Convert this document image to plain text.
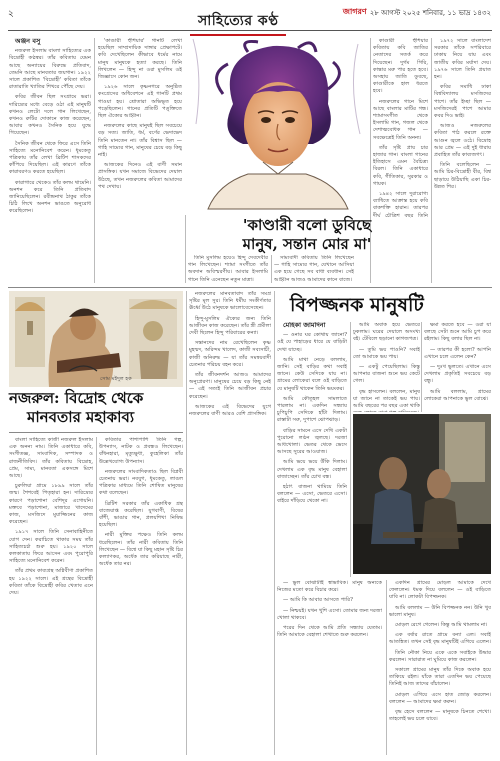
২	সাহিত্যের কণ্ঠ
জাগরণ ২৮ আগস্ট ২০২৫ শনিবার, ১১ ভাদ্র ১৪৩২

অঞ্জন বসু

নজরুল ইসলাম বাংলা সাহিত্যের এক বিদ্রোহী কণ্ঠস্বর। তাঁর কবিতায় যেমন আছে অন্যায়ের বিরুদ্ধে প্রতিবাদ, তেমনি আছে মানবতার জয়গান। ১৯২২ সালে প্রকাশিত 'বিদ্রোহী' কবিতা তাঁকে রাতারাতি খ্যাতির শিখরে পৌঁছে দেয়।

কবির জীবন ছিল সংগ্রামে ভরা। দারিদ্র্যের মধ্যে বেড়ে ওঠা এই মানুষটি কখনও লেটো দলে গান লিখেছেন, কখনও রুটির দোকানে কাজ করেছেন, আবার কখনও সৈনিক হয়ে যুদ্ধে গিয়েছেন।

সৈনিক জীবন থেকে ফিরে এসে তিনি সাহিত্যে মনোনিবেশ করেন। ধূমকেতু পত্রিকায় তাঁর লেখা ব্রিটিশ শাসকদের কাঁপিয়ে দিয়েছিল। এই কারণে তাঁকে কারাবরণও করতে হয়েছিল।

কারাগারে থেকেও তাঁর কলম থামেনি। অনশন করে তিনি প্রতিবাদ জানিয়েছিলেন। রবীন্দ্রনাথ ঠাকুর তাঁকে চিঠি লিখে অনশন ভাঙতে অনুরোধ করেছিলেন।

'কাণ্ডারী হুঁশিয়ার' গানটি লেখা হয়েছিল সাম্প্রদায়িক দাঙ্গার প্রেক্ষাপটে। কবি দেখেছিলেন কীভাবে ধর্মের নামে মানুষ মানুষকে হত্যা করছে। তিনি লিখলেন — হিন্দু না ওরা মুসলিম ওই জিজ্ঞাসে কোন জন।

১৯২৬ সালে কৃষ্ণনগরে অনুষ্ঠিত কংগ্রেসের অধিবেশনে এই গানটি প্রথম গাওয়া হয়। শ্রোতারা অভিভূত হয়ে পড়েছিলেন। গানের প্রতিটি পঙ্‌ক্তিতে ছিল ঐক্যের আহ্বান।

নজরুলের কাছে মানুষই ছিল সবচেয়ে বড় সত্য। জাতি, ধর্ম, বর্ণের ভেদাভেদ তিনি মানতেন না। তাঁর বিশ্বাস ছিল — গাহি সাম্যের গান, মানুষের চেয়ে বড় কিছু নাই।

আজকের দিনেও এই বাণী সমান প্রাসঙ্গিক। যখন সমাজে বিভেদের দেয়াল উঠছে, তখন নজরুলের কবিতা আমাদের পথ দেখায়।

তিনি মুসলিম হয়েও হিন্দু দেবদেবীর গান লিখেছেন। শ্যামা সংগীতে তাঁর অবদান অবিস্মরণীয়। আবার ইসলামি গানে তিনি এনেছেন নতুন মাত্রা।

সাম্যবাদী কবিতায় তিনি লিখেছেন — গাহি সাম্যের গান, যেখানে আসিয়া এক হয়ে গেছে সব বাধা ব্যবধান। সেই আহ্বান আজও আমাদের কানে বাজে।

কাণ্ডারী হুঁশিয়ার কবিতায় কবি জাতির নেতাদের সতর্ক করে দিয়েছেন। দুর্গম গিরি, কান্তার মরু পার হতে হবে। অসহায় জাতি ডুবছে, কাণ্ডারীকে হাল ধরতে হবে।

নজরুলের গানে মিশে আছে বাংলার মাটির গন্ধ। শ্যামাসংগীত থেকে ইসলামি গান, গজল থেকে দেশাত্মবোধক গান — সবক্ষেত্রেই তিনি অনন্য।

তাঁর সৃষ্টি প্রায় চার হাজার গান। বাংলা গানের ইতিহাসে এমন বৈচিত্র্য বিরল। তিনি একাধারে কবি, গীতিকার, সুরকার ও গায়ক।

১৯৪২ সালে দুরারোগ্য ব্যাধিতে আক্রান্ত হয়ে কবি বাকশক্তি হারান। তারপর দীর্ঘ চৌত্রিশ বছর তিনি

১৯৭২ সালে বাংলাদেশ সরকার তাঁকে সপরিবারে ঢাকায় নিয়ে যায় এবং জাতীয় কবির মর্যাদা দেয়। ১৯৭৬ সালে তিনি প্রয়াত হন।

কবির সমাধি ঢাকা বিশ্ববিদ্যালয় মসজিদের পাশে। তাঁর ইচ্ছা ছিল — মসজিদেরই পাশে আমার কবর দিও ভাই।

আজও নজরুলের কবিতা পাঠ করলে রক্তে আগুন জ্বলে ওঠে। বিদ্রোহ আর প্রেম — এই দুই ধারায় প্রবাহিত তাঁর কাব্যজগৎ।

তিনি বলেছিলেন — আমি চির-বিদ্রোহী বীর, বিশ্ব ছাড়ায়ে উঠিয়াছি একা চির-উন্নত শির।

'কাণ্ডারী বলো ডুবিছে
মানুষ, সন্তান মোর মা'
সোম মইদুল হক
নজরুল: বিদ্রোহ থেকে
মানবতার মহাকাব্য

বাংলা সাহিত্যে কাজী নজরুল ইসলাম এক অনন্য নাম। তিনি একাধারে কবি, সংগীতজ্ঞ, সাংবাদিক, সম্পাদক ও রাজনীতিবিদ। তাঁর কবিতায় বিদ্রোহ, প্রেম, সাম্য, মানবতা একসঙ্গে মিশে আছে।

চুরুলিয়া গ্রামে ১৮৯৯ সালে তাঁর জন্ম। শৈশবেই পিতৃহারা হন। দারিদ্র্যের কারণে পড়াশোনা বেশিদূর এগোয়নি। মক্তবে পড়াশোনা, মাজারে খাদেমের কাজ, মসজিদে মুয়াজ্জিনের কাজ করেছেন।

১৯১৭ সালে তিনি সেনাবাহিনীতে যোগ দেন। করাচিতে থাকার সময় তাঁর সাহিত্যচর্চা শুরু হয়। ১৯২০ সালে কলকাতায় ফিরে আসেন এবং পুরোপুরি সাহিত্যে মনোনিবেশ করেন।

তাঁর প্রথম কাব্যগ্রন্থ অগ্নিবীণা প্রকাশিত হয় ১৯২২ সালে। এই গ্রন্থের বিদ্রোহী কবিতা তাঁকে বিদ্রোহী কবির খেতাব এনে দেয়।

কবিতার পাশাপাশি তিনি গল্প, উপন্যাস, নাটক ও প্রবন্ধও লিখেছেন। বাঁধনহারা, মৃত্যুক্ষুধা, কুহেলিকা তাঁর উল্লেখযোগ্য উপন্যাস।

নজরুলের সাংবাদিকতাও ছিল বিপ্লবী চেতনায় ভরা। নবযুগ, ধূমকেতু, লাঙল পত্রিকার মাধ্যমে তিনি শোষিত মানুষের কথা বলেছেন।

ব্রিটিশ সরকার তাঁর একাধিক গ্রন্থ বাজেয়াপ্ত করেছিল। যুগবাণী, বিষের বাঁশী, ভাঙার গান, প্রলয়শিখা নিষিদ্ধ হয়েছিল।

নারী মুক্তির পক্ষেও তিনি কলম ধরেছিলেন। তাঁর নারী কবিতায় তিনি লিখেছেন — বিশ্বে যা কিছু মহান সৃষ্টি চির কল্যাণকর, অর্ধেক তার করিয়াছে নারী, অর্ধেক তার নর।

নজরুলের মানবতাবাদ তাঁর সমগ্র সৃষ্টির মূল সুর। তিনি ধর্মীয় সংকীর্ণতার ঊর্ধ্বে উঠে মানুষকে ভালোবেসেছেন।

হিন্দু-মুসলিম ঐক্যের জন্য তিনি আজীবন কাজ করেছেন। তাঁর স্ত্রী প্রমীলা দেবী ছিলেন হিন্দু পরিবারের কন্যা।

সন্তানদের নাম রেখেছিলেন কৃষ্ণ মুহম্মদ, অরিন্দম খালেদ, কাজী সব্যসাচী, কাজী অনিরুদ্ধ — যা তাঁর সমন্বয়বাদী চেতনার পরিচয় বহন করে।

তাঁর জীবনদর্শন আজও আমাদের অনুপ্রেরণা। মানুষের চেয়ে বড় কিছু নেই — এই সত্যই তিনি আজীবন প্রচার করেছেন।

আজকের এই বিভেদের যুগে নজরুলের বাণী আরও বেশি প্রাসঙ্গিক।

বিপজ্জনক মানুষটি

মেহিকা জামদিনা

— ওনার ঘর কোথায় জানো? ওই যে পাহাড়ের ধারে যে বাড়িটা দেখা যাচ্ছে।

আমি মাথা নেড়ে বললাম, জানি। সেই বাড়ির কথা সবাই জানে। কেউ সেদিকে যায় না। গ্রামের লোকেরা বলে ওই বাড়িতে যে মানুষটি থাকেন তিনি ভয়ংকর।

আমি কৌতূহল সামলাতে পারলাম না। একদিন সন্ধ্যায় চুপিচুপি সেদিকে হাঁটা দিলাম। রাস্তাটা সরু, দুপাশে ঝোপঝাড়।

বাড়ির সামনে এসে দেখি একটা পুরোনো লণ্ঠন জ্বলছে। দরজা আধখোলা। ভেতর থেকে ভেসে আসছে সুরের আওয়াজ।

আমি ভয়ে ভয়ে উঁকি দিলাম। দেখলাম এক বৃদ্ধ মানুষ বেহালা বাজাচ্ছেন। তাঁর চোখ বন্ধ।

হঠাৎ বাজনা থামিয়ে তিনি বললেন — এসো, ভেতরে এসো। বাইরে দাঁড়িয়ে থেকো না।

আমি অবাক হয়ে ভেতরে ঢুকলাম। ঘরের দেয়ালে অসংখ্য বই। টেবিলে ছড়ানো কাগজপত্র।

— তুমি ভয় পাওনি? সবাই তো আমাকে ভয় পায়।

— একটু পেয়েছিলাম। কিন্তু আপনার বাজনা শুনে ভয় কেটে গেল।

বৃদ্ধ হাসলেন। বললেন, মানুষ যা জানে না তাকেই ভয় পায়। আমি বছরের পর বছর একা থাকি

ক্ষমা করতে হবে — ওরা যা বলছে সেটা শুনে আমি চুপ করে রইলাম। কিছু বলার ছিল না।

— তারপর কী হলো? আপনি এখানে চলে এলেন কেন?

— দুঃখ ভুলতে। এখানে এসে দেখলাম প্রকৃতিই সবচেয়ে বড় বন্ধু।

আমি বললাম, গ্রামের লোকেরা আপনাকে ভুল বোঝে।

— ভুল বোঝাটাই স্বাভাবিক। মানুষ অন্যকে নিজের মতো করে বিচার করে।

— আমি কি আবার আসতে পারি?

— নিশ্চয়ই। যখন খুশি এসো। তোমার জন্য দরজা খোলা থাকবে।

পরের দিন থেকে আমি প্রতি সন্ধ্যায় যেতাম। তিনি আমাকে বেহালা শেখাতে শুরু করলেন।

একদিন গ্রামের মোড়ল আমাকে দেখে ফেললেন। ধমক দিয়ে বললেন — ওই বাড়িতে যাবি না। লোকটা বিপজ্জনক।

আমি বললাম — উনি বিপজ্জনক নন। উনি খুব ভালো মানুষ।

মোড়ল রেগে গেলেন। কিন্তু আমি থামলাম না।

এক বর্ষার রাতে গ্রামে বন্যা এল। সবাই আতঙ্কিত। তখন সেই বৃদ্ধ মানুষটিই এগিয়ে এলেন।

তিনি নৌকা নিয়ে একে একে সবাইকে উদ্ধার করলেন। সারারাত না ঘুমিয়ে কাজ করলেন।

সকালে গ্রামের মানুষ তাঁর দিকে অবাক হয়ে তাকিয়ে রইল। যাঁকে তারা এতদিন ভয় পেয়েছে তিনিই আজ তাদের বাঁচালেন।

মোড়ল এগিয়ে এসে হাত জোড় করলেন। বললেন — আমাদের ক্ষমা করুন।

বৃদ্ধ হেসে বললেন — মানুষকে চিনতে শেখো। তাহলেই ভয় চলে যাবে।
